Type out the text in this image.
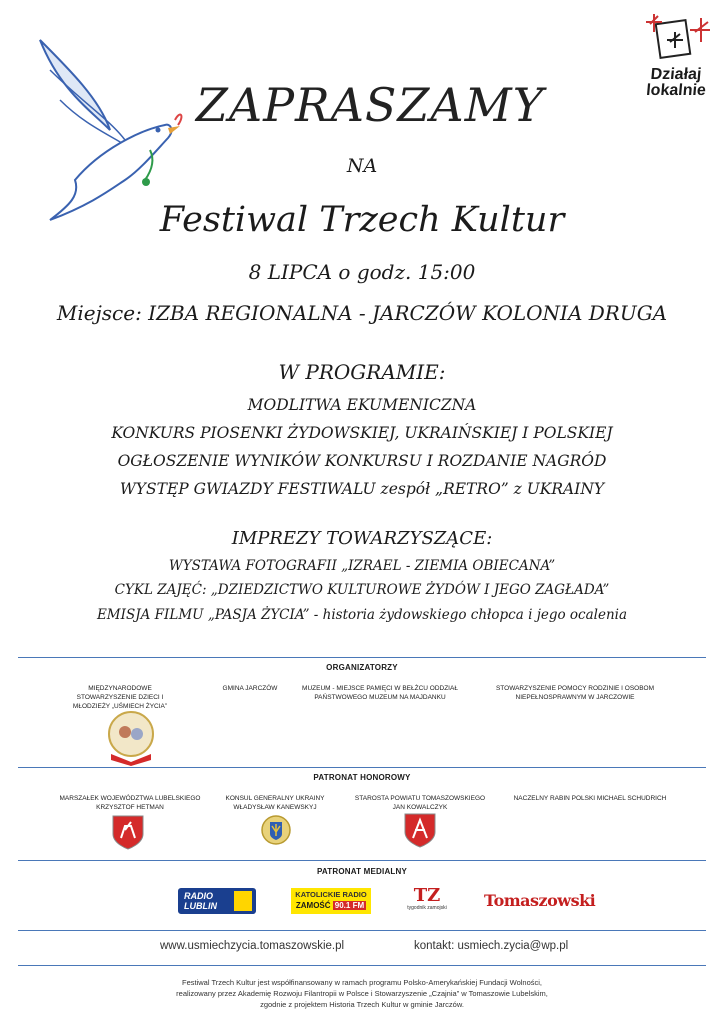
Działaj
lokalnie
ZAPRASZAMY
NA
Festiwal Trzech Kultur
8 LIPCA o godz. 15:00
Miejsce: IZBA REGIONALNA - JARCZÓW KOLONIA DRUGA
W PROGRAMIE:
MODLITWA EKUMENICZNA
KONKURS PIOSENKI ŻYDOWSKIEJ, UKRAIŃSKIEJ I POLSKIEJ
OGŁOSZENIE WYNIKÓW KONKURSU I ROZDANIE NAGRÓD
WYSTĘP GWIAZDY FESTIWALU zespół „RETRO” z UKRAINY
IMPREZY TOWARZYSZĄCE:
WYSTAWA FOTOGRAFII „IZRAEL - ZIEMIA OBIECANA”
CYKL ZAJĘĆ: „DZIEDZICTWO KULTUROWE ŻYDÓW I JEGO ZAGŁADA”
EMISJA FILMU „PASJA ŻYCIA” - historia żydowskiego chłopca i jego ocalenia
ORGANIZATORZY
MIĘDZYNARODOWE STOWARZYSZENIE DZIECI I MŁODZIEŻY „UŚMIECH ŻYCIA”
GMINA JARCZÓW	MUZEUM - MIEJSCE PAMIĘCI W BEŁŻCU ODDZIAŁ PAŃSTWOWEGO MUZEUM NA MAJDANKU
STOWARZYSZENIE POMOCY RODZINIE I OSOBOM NIEPEŁNOSPRAWNYM W JARCZOWIE
PATRONAT HONOROWY
MARSZAŁEK WOJEWÓDZTWA LUBELSKIEGO KRZYSZTOF HETMAN
KONSUL GENERALNY UKRAINY WŁADYSŁAW KANEWSKYJ
STAROSTA POWIATU TOMASZOWSKIEGO JAN KOWALCZYK
NACZELNY RABIN POLSKI MICHAEL SCHUDRICH
PATRONAT MEDIALNY
RADIO LUBLIN
KATOLICKIE RADIO
ZAMOŚĆ 90.1 FM	TZ
tygodnik zamojski Tomaszowski
www.usmiechzycia.tomaszowskie.pl	kontakt: usmiech.zycia@wp.pl
Festiwal Trzech Kultur jest współfinansowany w ramach programu Polsko-Amerykańskiej Fundacji Wolności,
realizowany przez Akademię Rozwoju Filantropii w Polsce i Stowarzyszenie „Czajnia” w Tomaszowie Lubelskim,
zgodnie z projektem Historia Trzech Kultur w gminie Jarczów.
